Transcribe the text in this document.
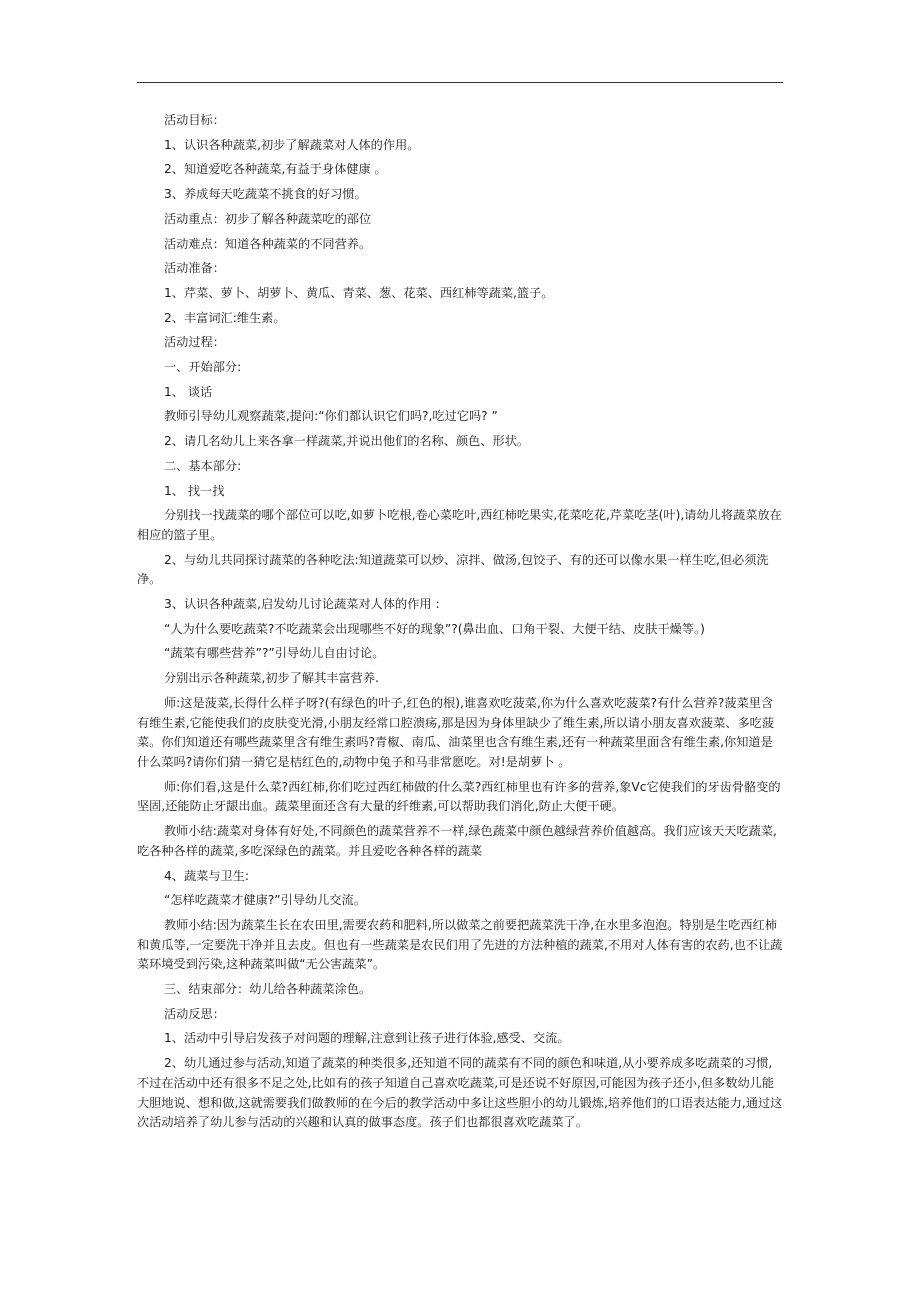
活动目标：

1、认识各种蔬菜,初步了解蔬菜对人体的作用。

2、知道爱吃各种蔬菜,有益于身体健康 。

3、养成每天吃蔬菜不挑食的好习惯。

活动重点：初步了解各种蔬菜吃的部位

活动难点：知道各种蔬菜的不同营养。

活动准备：

1、芹菜、萝卜、胡萝卜、黄瓜、青菜、葱、花菜、西红柿等蔬菜,篮子。

2、丰富词汇:维生素。

活动过程：

一、开始部分:

1、 谈话

教师引导幼儿观察蔬菜,提问:“你们都认识它们吗?,吃过它吗? ”

2、请几名幼儿上来各拿一样蔬菜,并说出他们的名称、颜色、形状。

二、基本部分:

1、 找一找

分别找一找蔬菜的哪个部位可以吃,如萝卜吃根,卷心菜吃叶,西红柿吃果实,花菜吃花,芹菜吃茎(叶),请幼儿将蔬菜放在相应的篮子里。

2、与幼儿共同探讨蔬菜的各种吃法:知道蔬菜可以炒、凉拌、做汤,包饺子、有的还可以像水果一样生吃,但必须洗净。

3、认识各种蔬菜,启发幼儿讨论蔬菜对人体的作用 :

“人为什么要吃蔬菜?不吃蔬菜会出现哪些不好的现象”?(鼻出血、口角干裂、大便干结、皮肤干燥等。)

“蔬菜有哪些营养”?”引导幼儿自由讨论。

分别出示各种蔬菜,初步了解其丰富营养.

师:这是菠菜,长得什么样子呀?(有绿色的叶子,红色的根),谁喜欢吃菠菜,你为什么喜欢吃菠菜?有什么营养?菠菜里含有维生素,它能使我们的皮肤变光滑,小朋友经常口腔溃疡,那是因为身体里缺少了维生素,所以请小朋友喜欢菠菜、多吃菠菜。你们知道还有哪些蔬菜里含有维生素吗?青椒、南瓜、油菜里也含有维生素,还有一种蔬菜里面含有维生素,你知道是什么菜吗?请你们猜一猜它是桔红色的,动物中兔子和马非常愿吃。对!是胡萝卜 。

师:你们看,这是什么菜?西红柿,你们吃过西红柿做的什么菜?西红柿里也有许多的营养,象Vc它使我们的牙齿骨骼变的坚固,还能防止牙龈出血。蔬菜里面还含有大量的纤维素,可以帮助我们消化,防止大便干硬。

教师小结:蔬菜对身体有好处,不同颜色的蔬菜营养不一样,绿色蔬菜中颜色越绿营养价值越高。我们应该天天吃蔬菜,吃各种各样的蔬菜,多吃深绿色的蔬菜。并且爱吃各种各样的蔬菜

4、蔬菜与卫生:

“怎样吃蔬菜才健康?”引导幼儿交流。

教师小结:因为蔬菜生长在农田里,需要农药和肥料,所以做菜之前要把蔬菜洗干净,在水里多泡泡。特别是生吃西红柿和黄瓜等,一定要洗干净并且去皮。但也有一些蔬菜是农民们用了先进的方法种植的蔬菜,不用对人体有害的农药,也不让蔬菜环境受到污染,这种蔬菜叫做“无公害蔬菜”。

三、结束部分：幼儿给各种蔬菜涂色。

活动反思：

1、活动中引导启发孩子对问题的理解,注意到让孩子进行体验,感受、交流。

2、幼儿通过参与活动,知道了蔬菜的种类很多,还知道不同的蔬菜有不同的颜色和味道,从小要养成多吃蔬菜的习惯,不过在活动中还有很多不足之处,比如有的孩子知道自己喜欢吃蔬菜,可是还说不好原因,可能因为孩子还小,但多数幼儿能大胆地说、想和做,这就需要我们做教师的在今后的教学活动中多让这些胆小的幼儿锻炼,培养他们的口语表达能力,通过这次活动培养了幼儿参与活动的兴趣和认真的做事态度。孩子们也都很喜欢吃蔬菜了。
